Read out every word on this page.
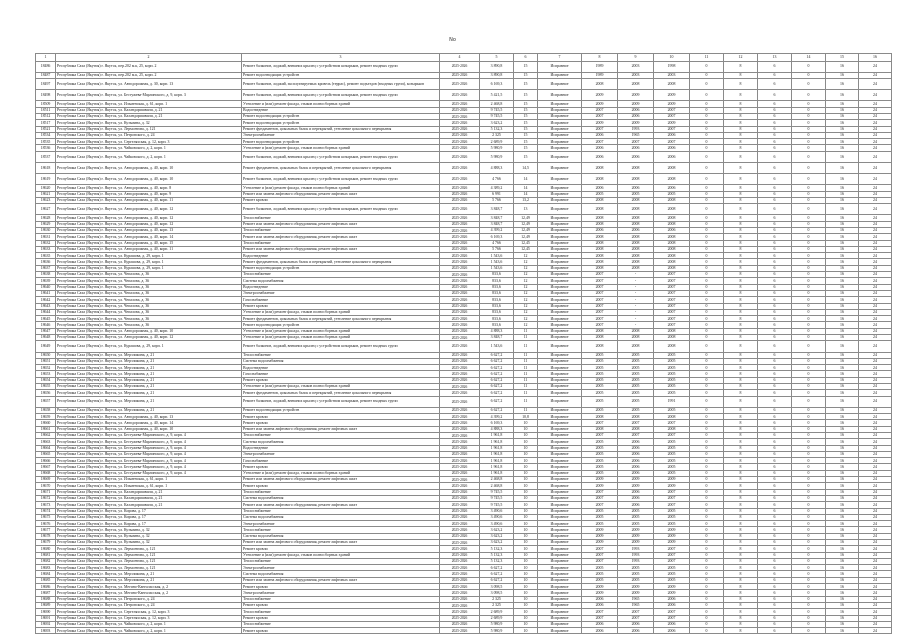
No
1	2	3	4	5	6	7	8	9	10	11	12	13	14	15	16
18486	Республика Саха (Якутия) г. Якутск, пер.202 м.к, 25, корп. 2	Ремонт балконов, лоджий, внешних крылец с устройством козырьков, ремонт входных групп	2025-2026	3 890,8	15	Исправное	1989	2003	1998	0	8	6	0	16	24
18487	Республика Саха (Якутия) г. Якутск, пер.202 м.к, 25, корп. 2	Ремонт водоотводящих устройств	2025-2026	3 890,8	15	Исправное	1989	2003	2003	0	8	6	0	16	24
18497	Республика Саха (Якутия) г. Якутск, ул. Автодорожная, д. 30, корп. 13	Ремонт балконов, лоджий, эксплуатируемых кровель (террас), ремонт подъездов (входных групп), козырьков	2025-2026	6 169,3	15	Исправное	2008	2008	2008	0	8	6	0	16	24
18498	Республика Саха (Якутия) г. Якутск, ул. Бестужева-Марлинского, д. 9, корп. 3	Ремонт балконов, лоджий, внешних крылец с устройством козырьков, ремонт входных групп	2025-2026	5 421,5	15	Исправное	2009	2009	2009	0	8	6	0	16	24
18509	Республика Саха (Якутия) г. Якутск, ул. Ильменская, д. 61, корп. 1	Утепление и (или) ремонт фасада, стыков полносборных зданий	2025-2026	2 468,8	15	Исправное	2009	2009	2009	0	8	6	0	16	24
18511	Республика Саха (Якутия) г. Якутск, ул. Каландаришвили, д. 21	Водоотведение	2025-2026	9 745,5	15	Исправное	2007	2006	2007	0	8	6	0	16	24
18512	Республика Саха (Якутия) г. Якутск, ул. Каландаришвили, д. 21	Ремонт водоотводящих устройств	2025-2026	9 745,5	15	Исправное	2007	2006	2007	0	8	6	0	16	24
18517	Республика Саха (Якутия) г. Якутск, ул. Кузьмина, д. 32	Ремонт водоотводящих устройств	2025-2026	3 623,2	15	Исправное	2009	2009	2009	0	8	6	0	16	24
18521	Республика Саха (Якутия) г. Якутск, ул. Лермонтова, д. 121	Ремонт фундаментов, цокольных балок и перекрытий, утепление цокольного перекрытия	2025-2026	5 132,3	15	Исправное	2007	1993	2007	0	8	6	0	16	24
18534	Республика Саха (Якутия) г. Якутск, ул. Петровского, д. 24	Электроснабжение	2025-2026	2 325	15	Исправное	2006	1965	2006	0	8	6	0	16	24
18535	Республика Саха (Якутия) г. Якутск, ул. Сергеляхская, д. 12, корп. 3	Ремонт водоотводящих устройств	2025-2026	2 689,9	15	Исправное	2007	2007	2007	0	8	6	0	16	24
18536	Республика Саха (Якутия) г. Якутск, ул. Чайковского, д. 2, корп. 1	Утепление и (или) ремонт фасада, стыков полносборных зданий	2025-2026	5 980,9	15	Исправное	2006	2006	2006	0	8	6	0	16	24
18537	Республика Саха (Якутия) г. Якутск, ул. Чайковского, д. 2, корп. 1	Ремонт балконов, лоджий, внешних крылец с устройством козырьков, ремонт входных групп	2025-2026	5 980,9	15	Исправное	2006	2006	2006	0	8	6	0	16	24
18618	Республика Саха (Якутия) г. Якутск, ул. Автодорожная, д. 40, корп. 10	Ремонт фундаментов, цокольных балок и перекрытий, утепление цокольного перекрытия	2025-2026	4 888,3	14,5	Исправное	2008	2008	2008	0	8	6	0	16	24
18619	Республика Саха (Якутия) г. Якутск, ул. Автодорожная, д. 40, корп. 10	Ремонт балконов, лоджий, внешних крылец с устройством козырьков, ремонт входных групп	2025-2026	4 766	14	Исправное	2008	2008	2008	0	8	6	0	16	24
18620	Республика Саха (Якутия) г. Якутск, ул. Автодорожная, д. 40, корп. 8	Утепление и (или) ремонт фасада, стыков полносборных зданий	2025-2026	4 389,2	14	Исправное	2006	2006	2006	0	8	6	0	16	24
18621	Республика Саха (Якутия) г. Якутск, ул. Автодорожная, д. 40, корп. 9	Ремонт или замена лифтового оборудования, ремонт лифтовых шахт	2025-2026	6 991	14	Исправное	2005	2005	2005	0	8	6	0	16	24
18623	Республика Саха (Якутия) г. Якутск, ул. Автодорожная, д. 40, корп. 11	Ремонт кровли	2025-2026	5 766	13,2	Исправное	2008	2008	2008	0	8	6	0	16	24
18627	Республика Саха (Якутия) г. Якутск, ул. Автодорожная, д. 40, корп. 12	Ремонт балконов, лоджий, внешних крылец с устройством козырьков, ремонт входных групп	2025-2026	3 848,7	13	Исправное	2008	2008	2008	0	8	6	0	16	24
18628	Республика Саха (Якутия) г. Якутск, ул. Автодорожная, д. 40, корп. 12	Теплоснабжение	2025-2026	3 848,7	12,49	Исправное	2008	2008	2008	0	8	6	0	16	24
18629	Республика Саха (Якутия) г. Якутск, ул. Автодорожная, д. 40, корп. 12	Ремонт или замена лифтового оборудования, ремонт лифтовых шахт	2025-2026	3 848,7	12,49	Исправное	2008	2008	2008	0	8	6	0	16	24
18630	Республика Саха (Якутия) г. Якутск, ул. Автодорожная, д. 40, корп. 13	Теплоснабжение	2025-2026	4 399,2	12,49	Исправное	2006	2006	2006	0	8	6	0	16	24
18631	Республика Саха (Якутия) г. Якутск, ул. Автодорожная, д. 40, корп. 14	Ремонт или замена лифтового оборудования, ремонт лифтовых шахт	2025-2026	6 169,3	12,49	Исправное	2008	2008	2008	0	8	6	0	16	24
18632	Республика Саха (Якутия) г. Якутск, ул. Автодорожная, д. 40, корп. 15	Теплоснабжение	2025-2026	4 766	12,45	Исправное	2008	2008	2008	0	8	6	0	16	24
18633	Республика Саха (Якутия) г. Якутск, ул. Автодорожная, д. 40, корп. 11	Ремонт или замена лифтового оборудования, ремонт лифтовых шахт	2025-2026	5 766	12,45	Исправное	2008	2008	2008	0	8	6	0	16	24
18635	Республика Саха (Якутия) г. Якутск, ул. Курашова, д. 29, корп. 1	Водоотведение	2025-2026	1 543,6	12	Исправное	2008	2008	2008	0	8	6	0	16	24
18636	Республика Саха (Якутия) г. Якутск, ул. Курашова, д. 29, корп. 1	Ремонт фундаментов, цокольных балок и перекрытий, утепление цокольного перекрытия	2025-2026	1 543,6	12	Исправное	2008	2008	2008	0	8	6	0	16	24
18637	Республика Саха (Якутия) г. Якутск, ул. Курашова, д. 29, корп. 1	Ремонт водоотводящих устройств	2025-2026	1 543,6	12	Исправное	2008	2008	2008	0	8	6	0	16	24
18638	Республика Саха (Якутия) г. Якутск, ул. Чепалова, д. 36	Теплоснабжение	2025-2026	833,6	12	Исправное	2007	-	2007	0	8	6	0	16	24
18639	Республика Саха (Якутия) г. Якутск, ул. Чепалова, д. 36	Система водоснабжения	2025-2026	833,6	12	Исправное	2007	-	2007	0	8	6	0	16	24
18640	Республика Саха (Якутия) г. Якутск, ул. Чепалова, д. 36	Водоотведение	2025-2026	833,6	12	Исправное	2007	-	2007	0	8	6	0	16	24
18641	Республика Саха (Якутия) г. Якутск, ул. Чепалова, д. 36	Электроснабжение	2025-2026	833,6	12	Исправное	2007	-	2007	0	8	6	0	16	24
18642	Республика Саха (Якутия) г. Якутск, ул. Чепалова, д. 36	Газоснабжение	2025-2026	833,6	12	Исправное	2007	-	2007	0	8	6	0	16	24
18643	Республика Саха (Якутия) г. Якутск, ул. Чепалова, д. 36	Ремонт кровли	2025-2026	833,6	12	Исправное	2007	-	2007	0	8	6	0	16	24
18644	Республика Саха (Якутия) г. Якутск, ул. Чепалова, д. 36	Утепление и (или) ремонт фасада, стыков полносборных зданий	2025-2026	833,6	12	Исправное	2007	-	2007	0	8	6	0	16	24
18645	Республика Саха (Якутия) г. Якутск, ул. Чепалова, д. 36	Ремонт фундаментов, цокольных балок и перекрытий, утепление цокольного перекрытия	2025-2026	833,6	12	Исправное	2007	-	2007	0	8	6	0	16	24
18646	Республика Саха (Якутия) г. Якутск, ул. Чепалова, д. 36	Ремонт водоотводящих устройств	2025-2026	833,6	12	Исправное	2007	-	2007	0	8	6	0	16	24
18647	Республика Саха (Якутия) г. Якутск, ул. Автодорожная, д. 40, корп. 10	Утепление и (или) ремонт фасада, стыков полносборных зданий	2025-2026	4 888,3	11	Исправное	2008	2008	2008	0	8	6	0	16	24
18648	Республика Саха (Якутия) г. Якутск, ул. Автодорожная, д. 40, корп. 12	Утепление и (или) ремонт фасада, стыков полносборных зданий	2025-2026	3 848,7	11	Исправное	2008	2008	2008	0	8	6	0	16	24
18649	Республика Саха (Якутия) г. Якутск, ул. Курашова, д. 29, корп. 1	Ремонт балконов, лоджий, внешних крылец с устройством козырьков, ремонт входных групп	2025-2026	1 543,6	11	Исправное	2008	2008	2008	0	8	6	0	16	24
18650	Республика Саха (Якутия) г. Якутск, ул. Мерзликина, д. 21	Теплоснабжение	2025-2026	6 627,2	11	Исправное	2005	2005	2005	0	8	6	0	16	24
18651	Республика Саха (Якутия) г. Якутск, ул. Мерзликина, д. 21	Система водоснабжения	2025-2026	6 627,2	11	Исправное	2005	2005	2005	0	8	6	0	16	24
18652	Республика Саха (Якутия) г. Якутск, ул. Мерзликина, д. 21	Водоотведение	2025-2026	6 627,2	11	Исправное	2005	2005	2005	0	8	6	0	16	24
18653	Республика Саха (Якутия) г. Якутск, ул. Мерзликина, д. 21	Газоснабжение	2025-2026	6 627,2	11	Исправное	2005	2005	2005	0	8	6	0	16	24
18654	Республика Саха (Якутия) г. Якутск, ул. Мерзликина, д. 21	Ремонт кровли	2025-2026	6 627,2	11	Исправное	2005	2005	2005	0	8	6	0	16	24
18655	Республика Саха (Якутия) г. Якутск, ул. Мерзликина, д. 21	Утепление и (или) ремонт фасада, стыков полносборных зданий	2025-2026	6 627,2	11	Исправное	2005	2005	2005	0	8	6	0	16	24
18656	Республика Саха (Якутия) г. Якутск, ул. Мерзликина, д. 21	Ремонт фундаментов, цокольных балок и перекрытий, утепление цокольного перекрытия	2025-2026	6 627,2	11	Исправное	2005	2005	2005	0	8	6	0	16	24
18657	Республика Саха (Якутия) г. Якутск, ул. Мерзликина, д. 21	Ремонт балконов, лоджий, внешних крылец с устройством козырьков, ремонт входных групп	2025-2026	6 627,2	11	Исправное	2005	2005	1991	0	8	6	0	16	24
18658	Республика Саха (Якутия) г. Якутск, ул. Мерзликина, д. 21	Ремонт водоотводящих устройств	2025-2026	6 627,2	11	Исправное	2005	2005	2005	0	8	6	0	16	24
18659	Республика Саха (Якутия) г. Якутск, ул. Автодорожная, д. 40, корп. 13	Ремонт кровли	2025-2026	4 399,2	10,8	Исправное	2008	2008	2008	0	8	6	0	16	24
18660	Республика Саха (Якутия) г. Якутск, ул. Автодорожная, д. 40, корп. 14	Ремонт кровли	2025-2026	6 169,3	10	Исправное	2007	2007	2007	0	8	6	0	16	24
18661	Республика Саха (Якутия) г. Якутск, ул. Автодорожная, д. 40, корп. 10	Ремонт или замена лифтового оборудования, ремонт лифтовых шахт	2025-2026	4 888,3	10	Исправное	2008	2008	2008	0	8	6	0	16	24
18662	Республика Саха (Якутия) г. Якутск, ул. Бестужева-Марлинского, д. 9, корп. 4	Теплоснабжение	2025-2026	1 961,8	10	Исправное	2007	2007	2007	0	8	6	0	16	24
18663	Республика Саха (Якутия) г. Якутск, ул. Бестужева-Марлинского, д. 9, корп. 4	Система водоснабжения	2025-2026	1 961,8	10	Исправное	2005	2006	2005	0	8	6	0	16	24
18664	Республика Саха (Якутия) г. Якутск, ул. Бестужева-Марлинского, д. 9, корп. 4	Водоотведение	2025-2026	1 961,8	10	Исправное	2005	2006	2005	0	8	6	0	16	24
18665	Республика Саха (Якутия) г. Якутск, ул. Бестужева-Марлинского, д. 9, корп. 4	Электроснабжение	2025-2026	1 961,8	10	Исправное	2005	2006	2005	0	8	6	0	16	24
18666	Республика Саха (Якутия) г. Якутск, ул. Бестужева-Марлинского, д. 9, корп. 4	Газоснабжение	2025-2026	1 961,8	10	Исправное	2005	2006	2005	0	8	6	0	16	24
18667	Республика Саха (Якутия) г. Якутск, ул. Бестужева-Марлинского, д. 9, корп. 4	Ремонт кровли	2025-2026	1 961,8	10	Исправное	2005	2006	2005	0	8	6	0	16	24
18668	Республика Саха (Якутия) г. Якутск, ул. Бестужева-Марлинского, д. 9, корп. 4	Утепление и (или) ремонт фасада, стыков полносборных зданий	2025-2026	1 961,8	10	Исправное	2005	2006	2005	0	8	6	0	16	24
18669	Республика Саха (Якутия) г. Якутск, ул. Ильменская, д. 61, корп. 1	Ремонт или замена лифтового оборудования, ремонт лифтовых шахт	2025-2026	2 468,8	10	Исправное	2009	2009	2009	0	8	6	0	16	24
18670	Республика Саха (Якутия) г. Якутск, ул. Ильменская, д. 61, корп. 1	Ремонт кровли	2025-2026	2 468,8	10	Исправное	2009	2009	2009	0	8	6	0	16	24
18671	Республика Саха (Якутия) г. Якутск, ул. Каландаришвили, д. 21	Теплоснабжение	2025-2026	9 745,5	10	Исправное	2007	2006	2007	0	8	6	0	16	24
18672	Республика Саха (Якутия) г. Якутск, ул. Каландаришвили, д. 21	Система водоснабжения	2025-2026	9 745,5	10	Исправное	2007	2006	2007	0	8	6	0	16	24
18673	Республика Саха (Якутия) г. Якутск, ул. Каландаришвили, д. 21	Ремонт или замена лифтового оборудования, ремонт лифтовых шахт	2025-2026	9 745,5	10	Исправное	2007	2006	2007	0	8	6	0	16	24
18674	Республика Саха (Якутия) г. Якутск, ул. Кирова, д. 17	Теплоснабжение	2025-2026	3 490,6	10	Исправное	2005	2005	2005	0	8	6	0	16	24
18675	Республика Саха (Якутия) г. Якутск, ул. Кирова, д. 17	Система водоснабжения	2025-2026	3 490,6	10	Исправное	2005	2005	2005	0	8	6	0	16	24
18676	Республика Саха (Якутия) г. Якутск, ул. Кирова, д. 17	Электроснабжение	2025-2026	3 490,6	10	Исправное	2005	2005	2005	0	8	6	0	16	24
18677	Республика Саха (Якутия) г. Якутск, ул. Кузьмина, д. 32	Теплоснабжение	2025-2026	3 623,2	10	Исправное	2009	2009	2009	0	8	6	0	16	24
18678	Республика Саха (Якутия) г. Якутск, ул. Кузьмина, д. 32	Система водоснабжения	2025-2026	3 623,2	10	Исправное	2009	2009	2009	0	8	6	0	16	24
18679	Республика Саха (Якутия) г. Якутск, ул. Кузьмина, д. 32	Ремонт или замена лифтового оборудования, ремонт лифтовых шахт	2025-2026	3 623,2	10	Исправное	2009	2009	2009	0	8	6	0	16	24
18680	Республика Саха (Якутия) г. Якутск, ул. Лермонтова, д. 121	Ремонт кровли	2025-2026	5 132,3	10	Исправное	2007	1993	2007	0	8	6	0	16	24
18681	Республика Саха (Якутия) г. Якутск, ул. Лермонтова, д. 121	Утепление и (или) ремонт фасада, стыков полносборных зданий	2025-2026	5 132,3	10	Исправное	2007	1993	2007	0	8	6	0	16	24
18682	Республика Саха (Якутия) г. Якутск, ул. Лермонтова, д. 121	Теплоснабжение	2025-2026	5 132,3	10	Исправное	2007	1993	2007	0	8	6	0	16	24
18683	Республика Саха (Якутия) г. Якутск, ул. Лермонтова, д. 121	Электроснабжение	2025-2026	6 627,2	10	Исправное	2005	2005	2005	0	8	6	0	16	24
18684	Республика Саха (Якутия) г. Якутск, ул. Мерзликина, д. 21	Система водоснабжения	2025-2026	6 627,2	10	Исправное	2005	2005	2005	0	8	6	0	16	24
18685	Республика Саха (Якутия) г. Якутск, ул. Мерзликина, д. 21	Ремонт или замена лифтового оборудования, ремонт лифтовых шахт	2025-2026	6 627,2	10	Исправное	2005	2005	2005	0	8	6	0	16	24
18686	Республика Саха (Якутия) г. Якутск, ул. Мегино-Кангаласская, д. 2	Ремонт кровли	2025-2026	3 098,5	10	Исправное	2009	2009	2009	0	8	6	0	16	24
18687	Республика Саха (Якутия) г. Якутск, ул. Мегино-Кангаласская, д. 2	Электроснабжение	2025-2026	3 098,5	10	Исправное	2009	2009	2009	0	8	6	0	16	24
18688	Республика Саха (Якутия) г. Якутск, ул. Петровского, д. 24	Теплоснабжение	2025-2026	2 325	10	Исправное	2006	1965	2006	0	8	6	0	16	24
18689	Республика Саха (Якутия) г. Якутск, ул. Петровского, д. 24	Ремонт кровли	2025-2026	2 325	10	Исправное	2006	1965	2006	0	8	6	0	16	24
18690	Республика Саха (Якутия) г. Якутск, ул. Сергеляхская, д. 12, корп. 3	Теплоснабжение	2025-2026	2 689,9	10	Исправное	2007	2007	2007	0	8	6	0	16	24
18691	Республика Саха (Якутия) г. Якутск, ул. Сергеляхская, д. 12, корп. 3	Ремонт кровли	2025-2026	2 689,9	10	Исправное	2007	2007	2007	0	8	6	0	16	24
18692	Республика Саха (Якутия) г. Якутск, ул. Чайковского, д. 2, корп. 1	Теплоснабжение	2025-2026	5 980,9	10	Исправное	2006	2006	2006	0	8	6	0	16	24
18693	Республика Саха (Якутия) г. Якутск, ул. Чайковского, д. 2, корп. 1	Ремонт кровли	2025-2026	5 980,9	10	Исправное	2006	2006	2006	0	8	6	0	16	24
